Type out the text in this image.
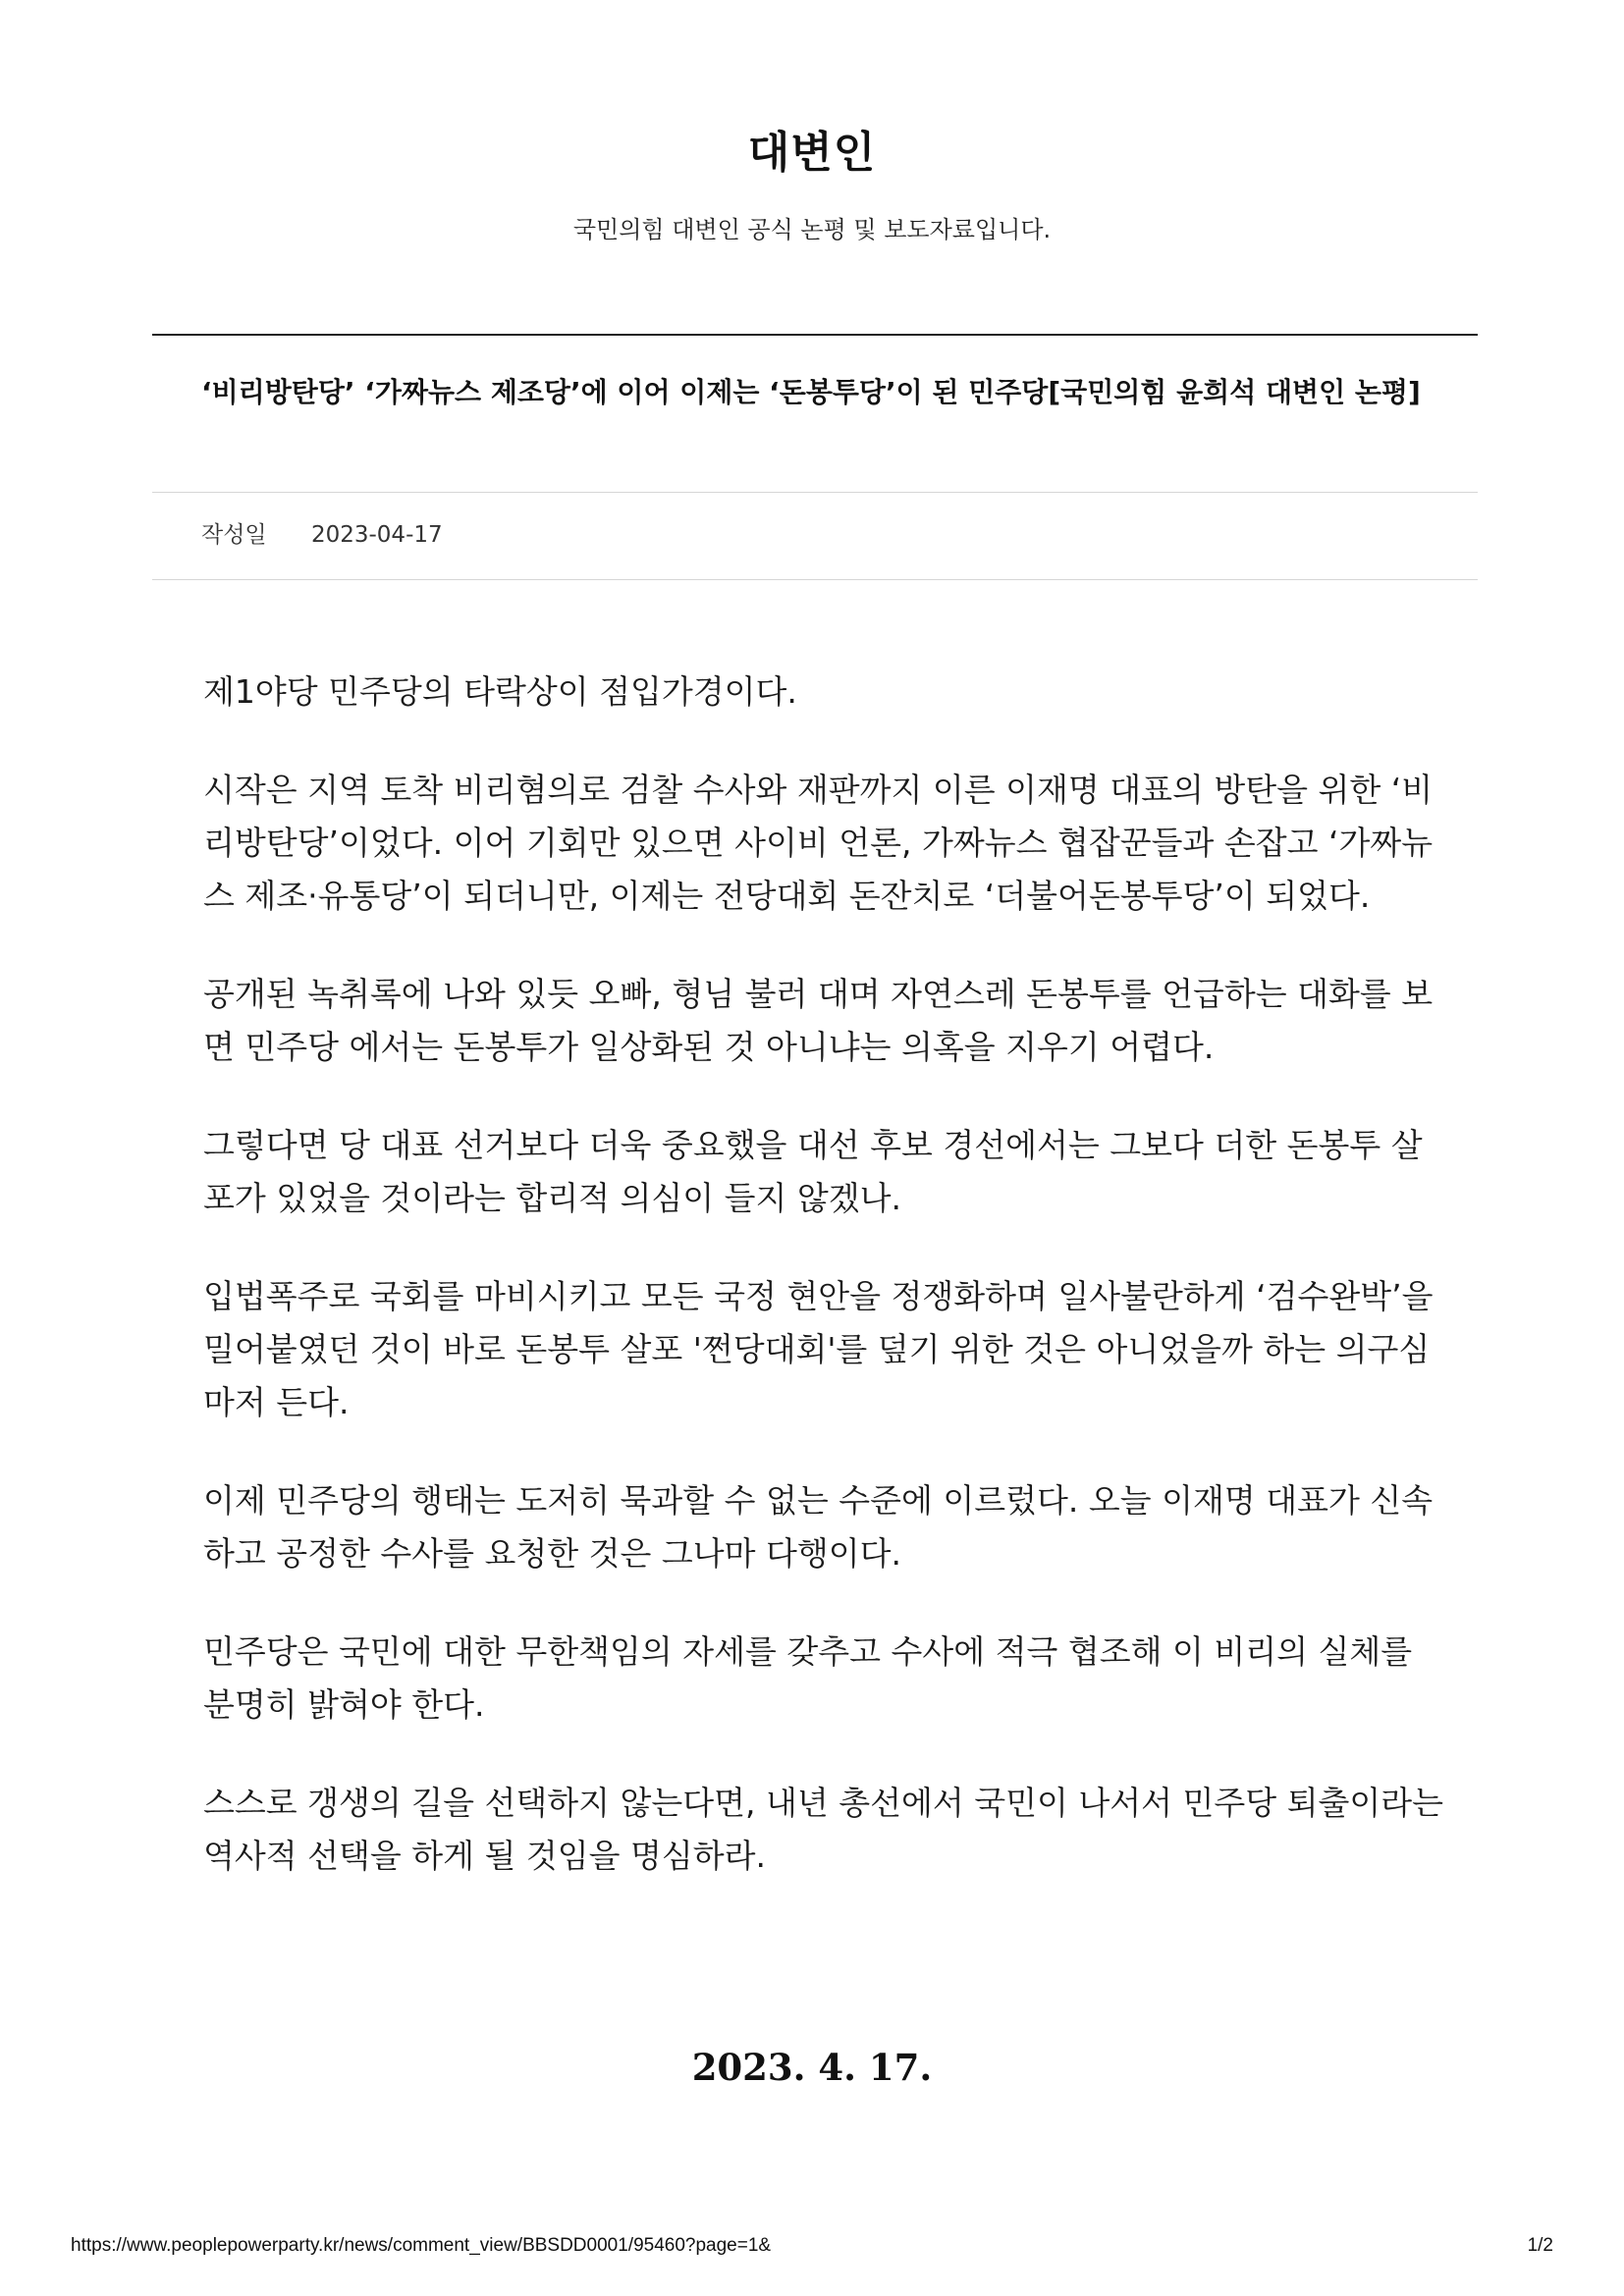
대변인
국민의힘 대변인 공식 논평 및 보도자료입니다.
‘비리방탄당’ ‘가짜뉴스 제조당’에 이어 이제는 ‘돈봉투당’이 된 민주당[국민의힘 윤희석 대변인 논평]
작성일 2023-04-17

제1야당 민주당의 타락상이 점입가경이다.

시작은 지역 토착 비리혐의로 검찰 수사와 재판까지 이른 이재명 대표의 방탄을 위한 ‘비리방탄당’이었다. 이어 기회만 있으면 사이비 언론, 가짜뉴스 협잡꾼들과 손잡고 ‘가짜뉴스 제조·유통당’이 되더니만, 이제는 전당대회 돈잔치로 ‘더불어돈봉투당’이 되었다.

공개된 녹취록에 나와 있듯 오빠, 형님 불러 대며 자연스레 돈봉투를 언급하는 대화를 보면 민주당 에서는 돈봉투가 일상화된 것 아니냐는 의혹을 지우기 어렵다.

그렇다면 당 대표 선거보다 더욱 중요했을 대선 후보 경선에서는 그보다 더한 돈봉투 살포가 있었을 것이라는 합리적 의심이 들지 않겠나.

입법폭주로 국회를 마비시키고 모든 국정 현안을 정쟁화하며 일사불란하게 ‘검수완박’을 밀어붙였던 것이 바로 돈봉투 살포 '쩐당대회'를 덮기 위한 것은 아니었을까 하는 의구심마저 든다.

이제 민주당의 행태는 도저히 묵과할 수 없는 수준에 이르렀다. 오늘 이재명 대표가 신속하고 공정한 수사를 요청한 것은 그나마 다행이다.

민주당은 국민에 대한 무한책임의 자세를 갖추고 수사에 적극 협조해 이 비리의 실체를 분명히 밝혀야 한다.

스스로 갱생의 길을 선택하지 않는다면, 내년 총선에서 국민이 나서서 민주당 퇴출이라는 역사적 선택을 하게 될 것임을 명심하라.

2023. 4. 17.
https://www.peoplepowerparty.kr/news/comment_view/BBSDD0001/95460?page=1&	1/2
